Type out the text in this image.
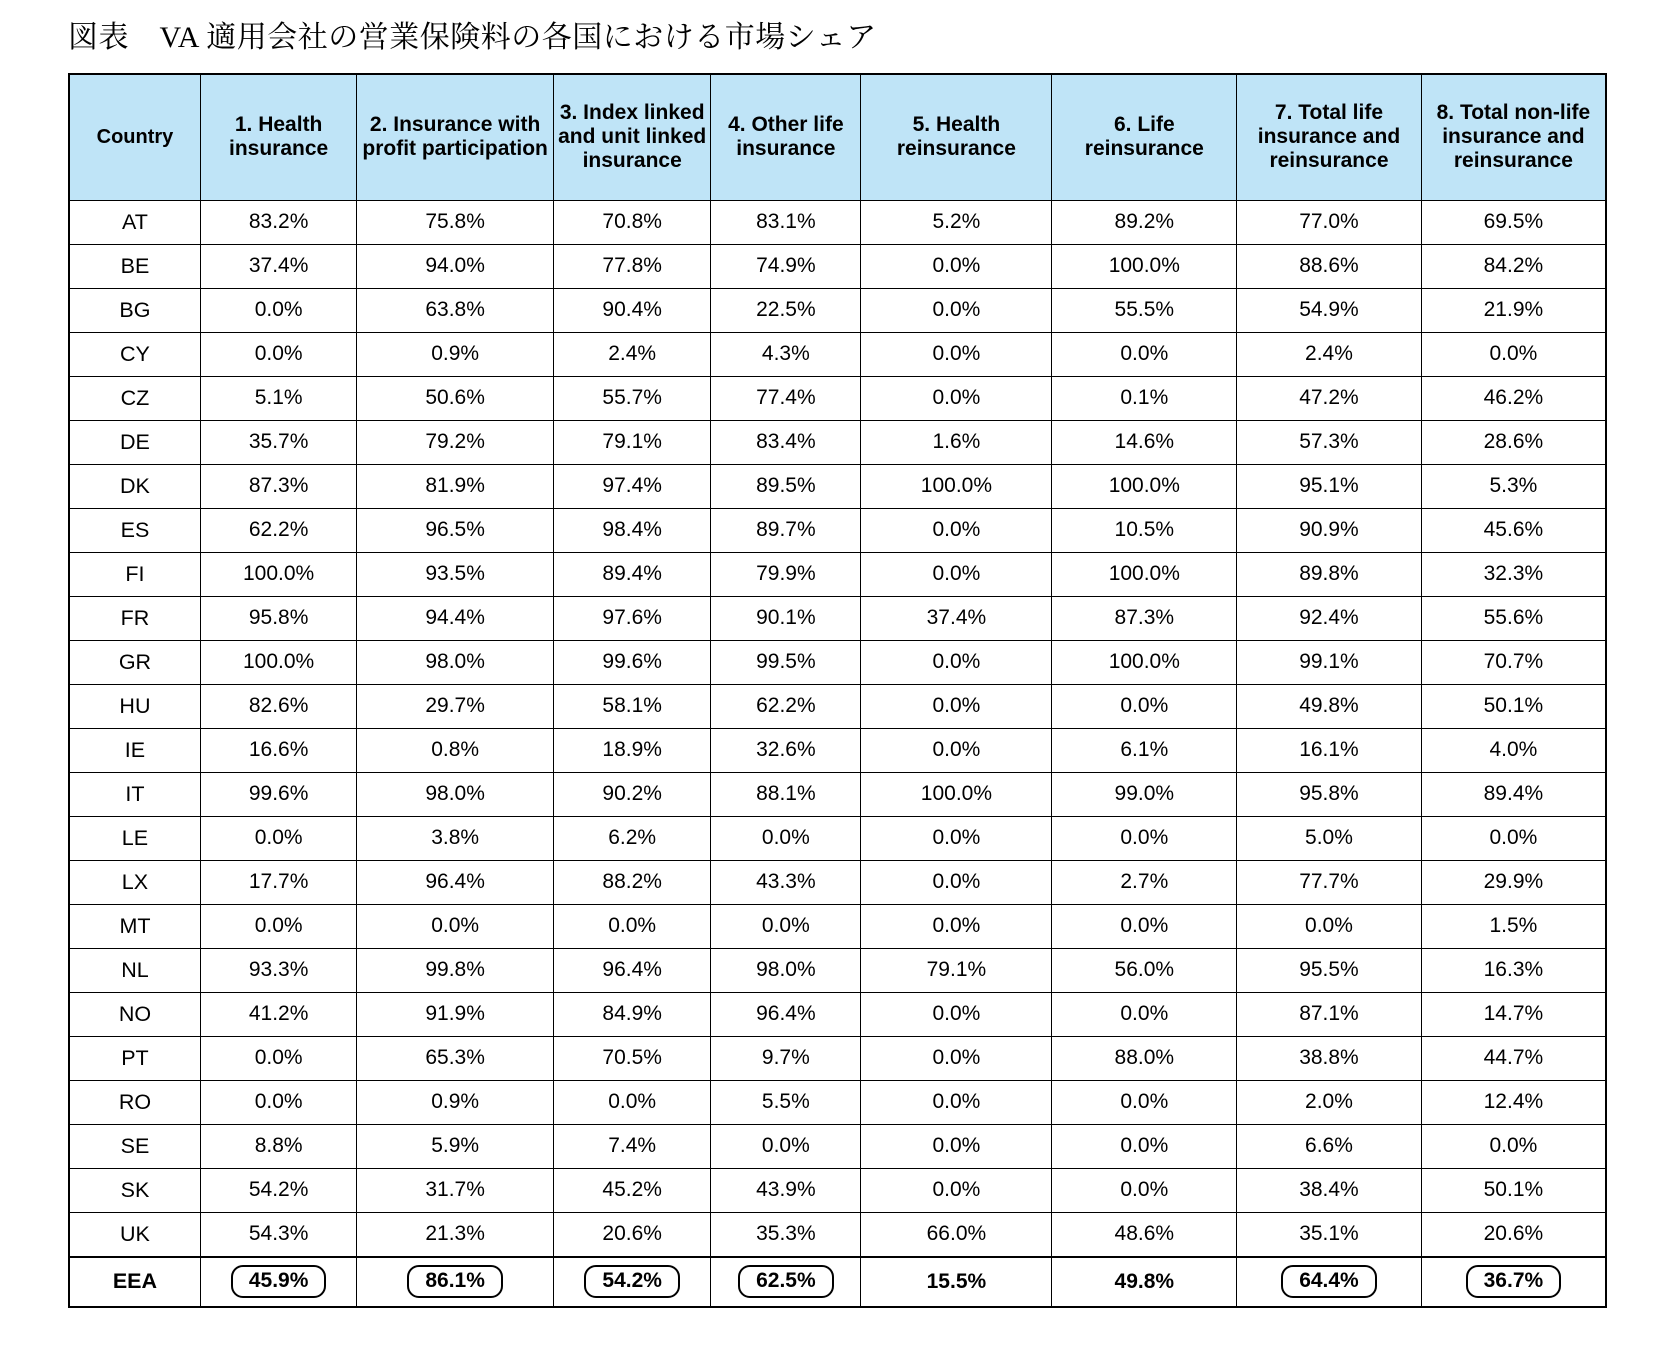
図表　VA 適用会社の営業保険料の各国における市場シェア
Country	1. Health insurance	2. Insurance with profit participation	3. Index linked and unit linked insurance	4. Other life insurance	5. Health reinsurance	6. Life reinsurance	7. Total life insurance and reinsurance	8. Total non-life insurance and reinsurance
AT	83.2%	75.8%	70.8%	83.1%	5.2%	89.2%	77.0%	69.5%
BE	37.4%	94.0%	77.8%	74.9%	0.0%	100.0%	88.6%	84.2%
BG	0.0%	63.8%	90.4%	22.5%	0.0%	55.5%	54.9%	21.9%
CY	0.0%	0.9%	2.4%	4.3%	0.0%	0.0%	2.4%	0.0%
CZ	5.1%	50.6%	55.7%	77.4%	0.0%	0.1%	47.2%	46.2%
DE	35.7%	79.2%	79.1%	83.4%	1.6%	14.6%	57.3%	28.6%
DK	87.3%	81.9%	97.4%	89.5%	100.0%	100.0%	95.1%	5.3%
ES	62.2%	96.5%	98.4%	89.7%	0.0%	10.5%	90.9%	45.6%
FI	100.0%	93.5%	89.4%	79.9%	0.0%	100.0%	89.8%	32.3%
FR	95.8%	94.4%	97.6%	90.1%	37.4%	87.3%	92.4%	55.6%
GR	100.0%	98.0%	99.6%	99.5%	0.0%	100.0%	99.1%	70.7%
HU	82.6%	29.7%	58.1%	62.2%	0.0%	0.0%	49.8%	50.1%
IE	16.6%	0.8%	18.9%	32.6%	0.0%	6.1%	16.1%	4.0%
IT	99.6%	98.0%	90.2%	88.1%	100.0%	99.0%	95.8%	89.4%
LE	0.0%	3.8%	6.2%	0.0%	0.0%	0.0%	5.0%	0.0%
LX	17.7%	96.4%	88.2%	43.3%	0.0%	2.7%	77.7%	29.9%
MT	0.0%	0.0%	0.0%	0.0%	0.0%	0.0%	0.0%	1.5%
NL	93.3%	99.8%	96.4%	98.0%	79.1%	56.0%	95.5%	16.3%
NO	41.2%	91.9%	84.9%	96.4%	0.0%	0.0%	87.1%	14.7%
PT	0.0%	65.3%	70.5%	9.7%	0.0%	88.0%	38.8%	44.7%
RO	0.0%	0.9%	0.0%	5.5%	0.0%	0.0%	2.0%	12.4%
SE	8.8%	5.9%	7.4%	0.0%	0.0%	0.0%	6.6%	0.0%
SK	54.2%	31.7%	45.2%	43.9%	0.0%	0.0%	38.4%	50.1%
UK	54.3%	21.3%	20.6%	35.3%	66.0%	48.6%	35.1%	20.6%
EEA	45.9%	86.1%	54.2%	62.5%	15.5%	49.8%	64.4%	36.7%
